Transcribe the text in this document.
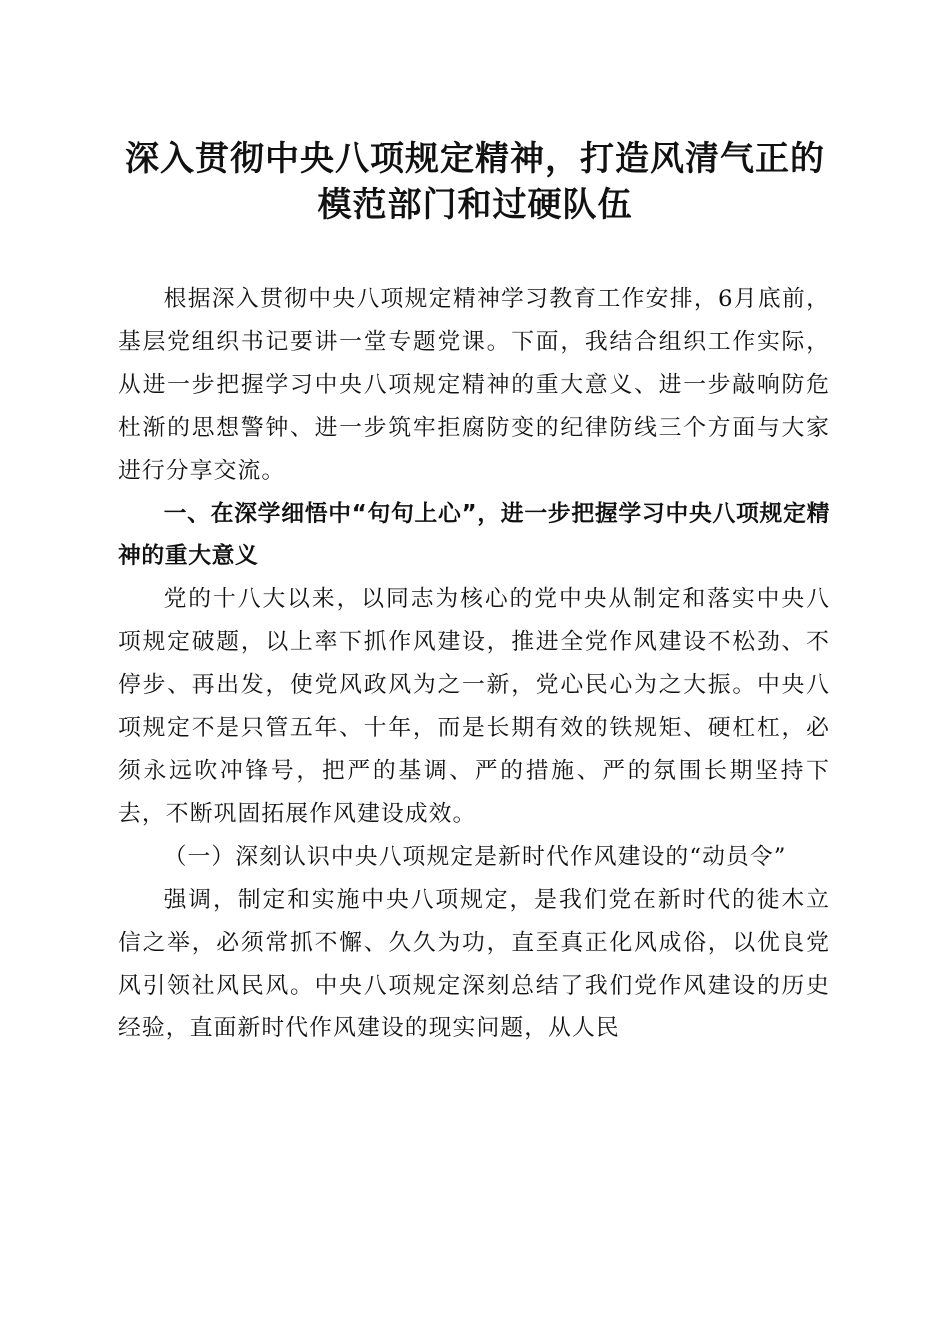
深入贯彻中央八项规定精神，打造风清气正的
模范部门和过硬队伍

根据深入贯彻中央八项规定精神学习教育工作安排，6月底前，基层党组织书记要讲一堂专题党课。下面，我结合组织工作实际，从进一步把握学习中央八项规定精神的重大意义、进一步敲响防危杜渐的思想警钟、进一步筑牢拒腐防变的纪律防线三个方面与大家进行分享交流。

一、在深学细悟中“句句上心”，进一步把握学习中央八项规定精神的重大意义

党的十八大以来，以同志为核心的党中央从制定和落实中央八项规定破题，以上率下抓作风建设，推进全党作风建设不松劲、不停步、再出发，使党风政风为之一新，党心民心为之大振。中央八项规定不是只管五年、十年，而是长期有效的铁规矩、硬杠杠，必须永远吹冲锋号，把严的基调、严的措施、严的氛围长期坚持下去，不断巩固拓展作风建设成效。

（一）深刻认识中央八项规定是新时代作风建设的“动员令”

强调，制定和实施中央八项规定，是我们党在新时代的徙木立信之举，必须常抓不懈、久久为功，直至真正化风成俗，以优良党风引领社风民风。中央八项规定深刻总结了我们党作风建设的历史经验，直面新时代作风建设的现实问题，从人民
